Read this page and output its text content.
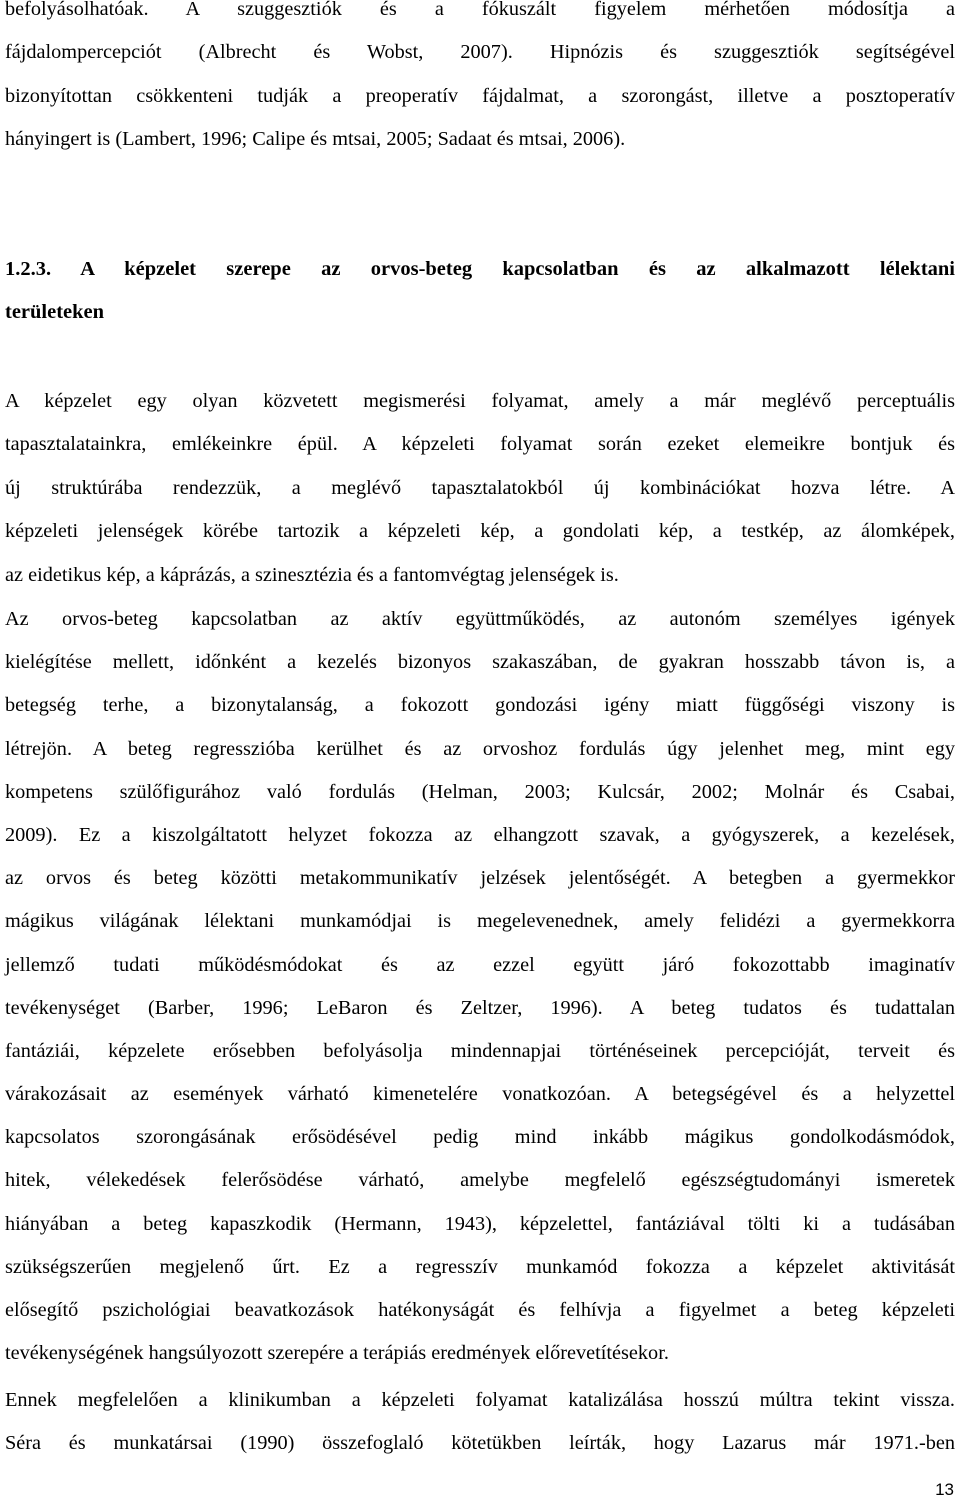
befolyásolhatóak. A szuggesztiók és a fókuszált figyelem mérhetően módosítja a
fájdalompercepciót (Albrecht és Wobst, 2007). Hipnózis és szuggesztiók segítségével
bizonyítottan csökkenteni tudják a preoperatív fájdalmat, a szorongást, illetve a posztoperatív
hányingert is (Lambert, 1996; Calipe és mtsai, 2005; Sadaat és mtsai, 2006).
1.2.3. A képzelet szerepe az orvos-beteg kapcsolatban és az alkalmazott lélektani
területeken
A képzelet egy olyan közvetett megismerési folyamat, amely a már meglévő perceptuális
tapasztalatainkra, emlékeinkre épül. A képzeleti folyamat során ezeket elemeikre bontjuk és
új struktúrába rendezzük, a meglévő tapasztalatokból új kombinációkat hozva létre. A
képzeleti jelenségek körébe tartozik a képzeleti kép, a gondolati kép, a testkép, az álomképek,
az eidetikus kép, a káprázás, a szinesztézia és a fantomvégtag jelenségek is.
Az orvos-beteg kapcsolatban az aktív együttműködés, az autonóm személyes igények
kielégítése mellett, időnként a kezelés bizonyos szakaszában, de gyakran hosszabb távon is, a
betegség terhe, a bizonytalanság, a fokozott gondozási igény miatt függőségi viszony is
létrejön. A beteg regresszióba kerülhet és az orvoshoz fordulás úgy jelenhet meg, mint egy
kompetens szülőfigurához való fordulás (Helman, 2003; Kulcsár, 2002; Molnár és Csabai,
2009). Ez a kiszolgáltatott helyzet fokozza az elhangzott szavak, a gyógyszerek, a kezelések,
az orvos és beteg közötti metakommunikatív jelzések jelentőségét. A betegben a gyermekkor
mágikus világának lélektani munkamódjai is megelevenednek, amely felidézi a gyermekkorra
jellemző tudati működésmódokat és az ezzel együtt járó fokozottabb imaginatív
tevékenységet (Barber, 1996; LeBaron és Zeltzer, 1996). A beteg tudatos és tudattalan
fantáziái, képzelete erősebben befolyásolja mindennapjai történéseinek percepcióját, terveit és
várakozásait az események várható kimenetelére vonatkozóan. A betegségével és a helyzettel
kapcsolatos szorongásának erősödésével pedig mind inkább mágikus gondolkodásmódok,
hitek, vélekedések felerősödése várható, amelybe megfelelő egészségtudományi ismeretek
hiányában a beteg kapaszkodik (Hermann, 1943), képzelettel, fantáziával tölti ki a tudásában
szükségszerűen megjelenő űrt. Ez a regresszív munkamód fokozza a képzelet aktivitását
elősegítő pszichológiai beavatkozások hatékonyságát és felhívja a figyelmet a beteg képzeleti
tevékenységének hangsúlyozott szerepére a terápiás eredmények előrevetítésekor.
Ennek megfelelően a klinikumban a képzeleti folyamat katalizálása hosszú múltra tekint vissza.
Séra és munkatársai (1990) összefoglaló kötetükben leírták, hogy Lazarus már 1971.-ben
13
